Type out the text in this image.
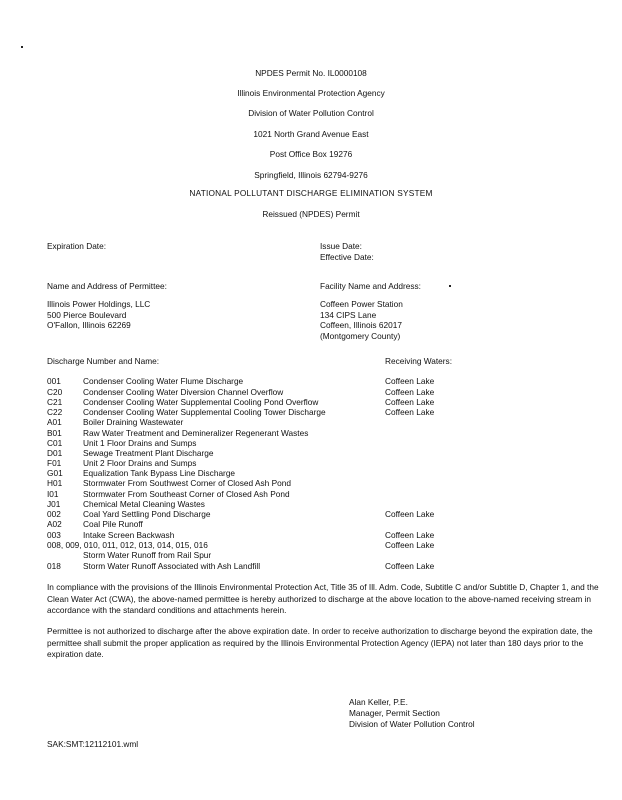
NPDES Permit No. IL0000108
Illinois Environmental Protection Agency
Division of Water Pollution Control
1021 North Grand Avenue East
Post Office Box 19276
Springfield, Illinois 62794-9276
NATIONAL POLLUTANT DISCHARGE ELIMINATION SYSTEM
Reissued (NPDES) Permit
Expiration Date:	Issue Date:
Effective Date:
Name and Address of Permittee:
Illinois Power Holdings, LLC
500 Pierce Boulevard
O'Fallon, Illinois 62269
Facility Name and Address:
Coffeen Power Station
134 CIPS Lane
Coffeen, Illinois 62017
(Montgomery County)
Discharge Number and Name:	Receiving Waters:
001	Condenser Cooling Water Flume Discharge	Coffeen Lake
C20	Condenser Cooling Water Diversion Channel Overflow	Coffeen Lake
C21	Condenser Cooling Water Supplemental Cooling Pond Overflow	Coffeen Lake
C22	Condenser Cooling Water Supplemental Cooling Tower Discharge	Coffeen Lake
A01	Boiler Draining Wastewater
B01	Raw Water Treatment and Demineralizer Regenerant Wastes
C01	Unit 1 Floor Drains and Sumps
D01	Sewage Treatment Plant Discharge
F01	Unit 2 Floor Drains and Sumps
G01 Equalization Tank Bypass Line Discharge
H01	Stormwater From Southwest Corner of Closed Ash Pond
I01	Stormwater From Southeast Corner of Closed Ash Pond
J01	Chemical Metal Cleaning Wastes
002	Coal Yard Settling Pond Discharge	Coffeen Lake
A02	Coal Pile Runoff
003	Intake Screen Backwash	Coffeen Lake
008, 009, 010, 011, 012, 013, 014, 015, 016	Coffeen Lake
Storm Water Runoff from Rail Spur
018	Storm Water Runoff Associated with Ash Landfill	Coffeen Lake
In compliance with the provisions of the Illinois Environmental Protection Act, Title 35 of Ill. Adm. Code, Subtitle C and/or Subtitle D, Chapter 1, and the Clean Water Act (CWA), the above-named permittee is hereby authorized to discharge at the above location to the above-named receiving stream in accordance with the standard conditions and attachments herein.
Permittee is not authorized to discharge after the above expiration date. In order to receive authorization to discharge beyond the expiration date, the permittee shall submit the proper application as required by the Illinois Environmental Protection Agency (IEPA) not later than 180 days prior to the expiration date.
Alan Keller, P.E.
Manager, Permit Section
Division of Water Pollution Control
SAK:SMT:12112101.wml
